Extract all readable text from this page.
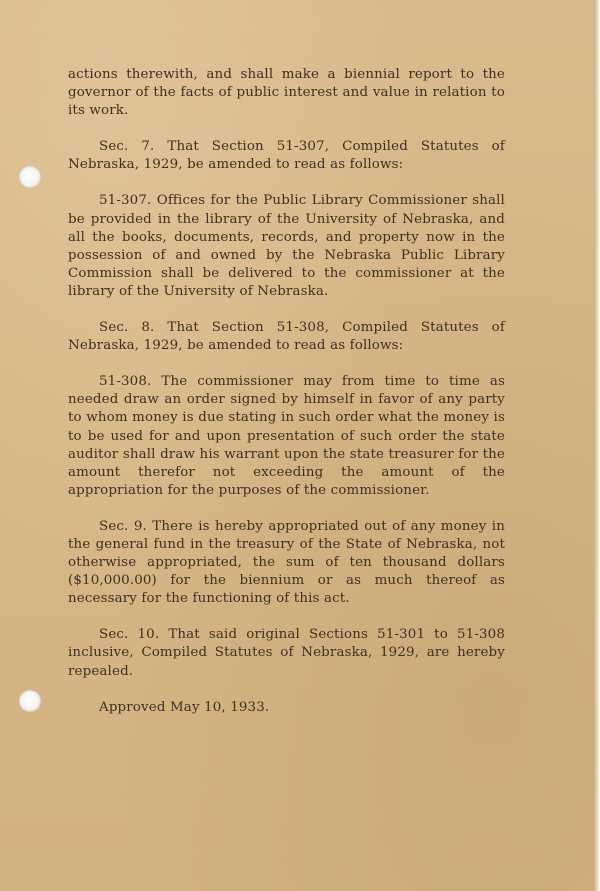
actions therewith, and shall make a biennial report to the governor of the facts of public interest and value in relation to its work.

Sec. 7. That Section 51-307, Compiled Statutes of Nebraska, 1929, be amended to read as follows:

51-307. Offices for the Public Library Commissioner shall be provided in the library of the University of Nebraska, and all the books, documents, records, and property now in the possession of and owned by the Nebraska Public Library Commission shall be delivered to the commissioner at the library of the University of Nebraska.

Sec. 8. That Section 51-308, Compiled Statutes of Nebraska, 1929, be amended to read as follows:

51-308. The commissioner may from time to time as needed draw an order signed by himself in favor of any party to whom money is due stating in such order what the money is to be used for and upon presentation of such order the state auditor shall draw his warrant upon the state treasurer for the amount therefor not exceeding the amount of the appropriation for the purposes of the commissioner.

Sec. 9. There is hereby appropriated out of any money in the general fund in the treasury of the State of Nebraska, not otherwise appropriated, the sum of ten thousand dollars ($10,000.00) for the biennium or as much thereof as necessary for the functioning of this act.

Sec. 10. That said original Sections 51-301 to 51-308 inclusive, Compiled Statutes of Nebraska, 1929, are hereby repealed.

Approved May 10, 1933.
